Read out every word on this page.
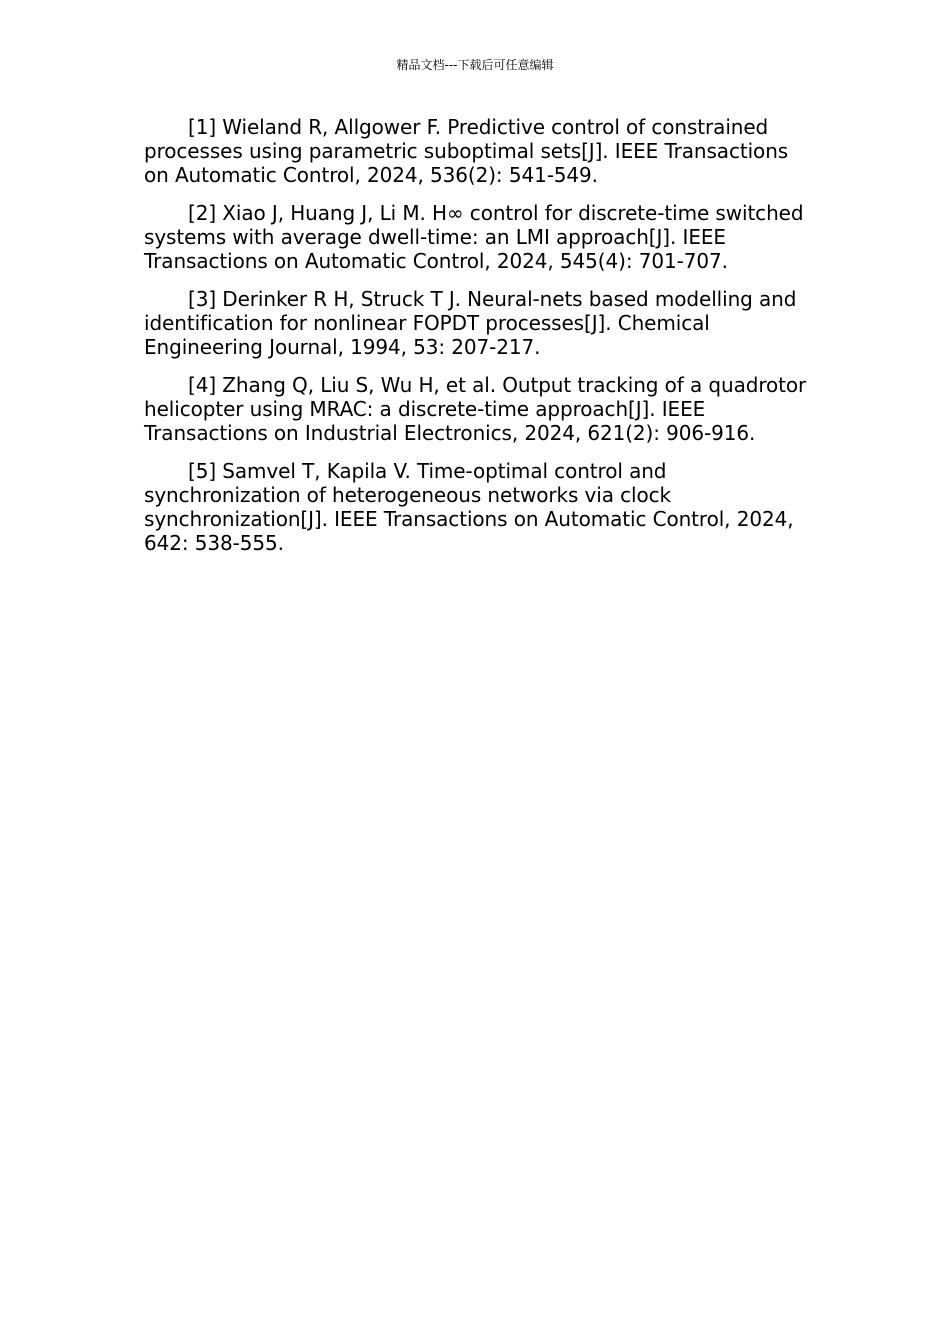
精品文档---下载后可任意编辑

[1] Wieland R, Allgower F. Predictive control of constrained processes using parametric suboptimal sets[J]. IEEE Transactions on Automatic Control, 2024, 536(2): 541-549.

[2] Xiao J, Huang J, Li M. H∞ control for discrete-time switched systems with average dwell-time: an LMI approach[J]. IEEE Transactions on Automatic Control, 2024, 545(4): 701-707.

[3] Derinker R H, Struck T J. Neural-nets based modelling and identification for nonlinear FOPDT processes[J]. Chemical Engineering Journal, 1994, 53: 207-217.

[4] Zhang Q, Liu S, Wu H, et al. Output tracking of a quadrotor helicopter using MRAC: a discrete-time approach[J]. IEEE Transactions on Industrial Electronics, 2024, 621(2): 906-916.

[5] Samvel T, Kapila V. Time-optimal control and synchronization of heterogeneous networks via clock synchronization[J]. IEEE Transactions on Automatic Control, 2024, 642: 538-555.
